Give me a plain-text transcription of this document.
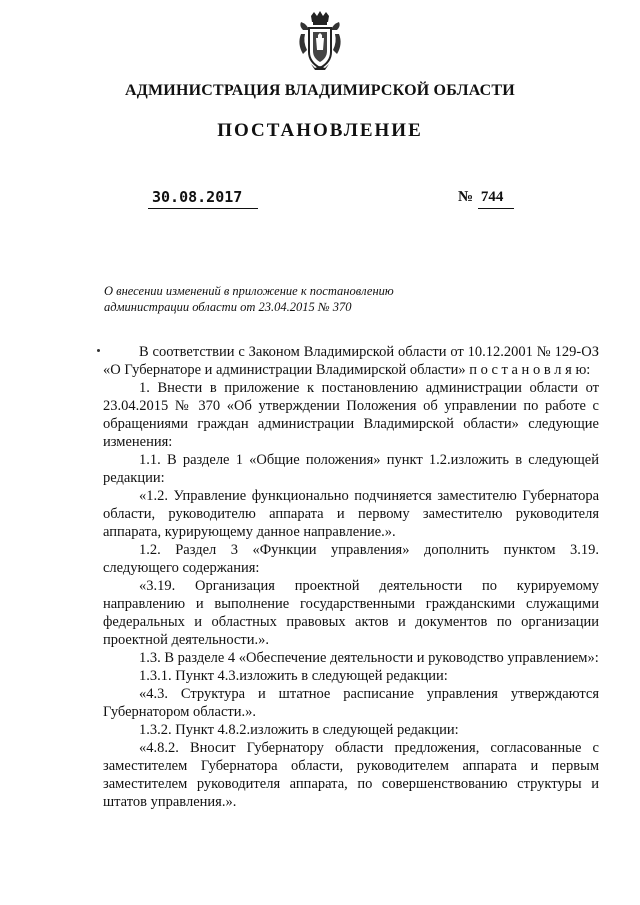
АДМИНИСТРАЦИЯ ВЛАДИМИРСКОЙ ОБЛАСТИ
ПОСТАНОВЛЕНИЕ
30.08.2017	№ 744
О внесении изменений в приложение к постановлению
администрации области от 23.04.2015 № 370

В соответствии с Законом Владимирской области от 10.12.2001 № 129-ОЗ «О Губернаторе и администрации Владимирской области» п о с т а н о в л я ю:

1. Внести в приложение к постановлению администрации области от 23.04.2015 № 370 «Об утверждении Положения об управлении по работе с обращениями граждан администрации Владимирской области» следующие изменения:

1.1. В разделе 1 «Общие положения» пункт 1.2.изложить в следующей редакции:

«1.2. Управление функционально подчиняется заместителю Губернатора области, руководителю аппарата и первому заместителю руководителя аппарата, курирующему данное направление.».

1.2. Раздел 3 «Функции управления» дополнить пунктом 3.19. следующего содержания:

«3.19. Организация проектной деятельности по курируемому направлению и выполнение государственными гражданскими служащими федеральных и областных правовых актов и документов по организации проектной деятельности.».

1.3. В разделе 4 «Обеспечение деятельности и руководство управлением»:

1.3.1. Пункт 4.3.изложить в следующей редакции:

«4.3. Структура и штатное расписание управления утверждаются Губернатором области.».

1.3.2. Пункт 4.8.2.изложить в следующей редакции:

«4.8.2. Вносит Губернатору области предложения, согласованные с заместителем Губернатора области, руководителем аппарата и первым заместителем руководителя аппарата, по совершенствованию структуры и штатов управления.».
